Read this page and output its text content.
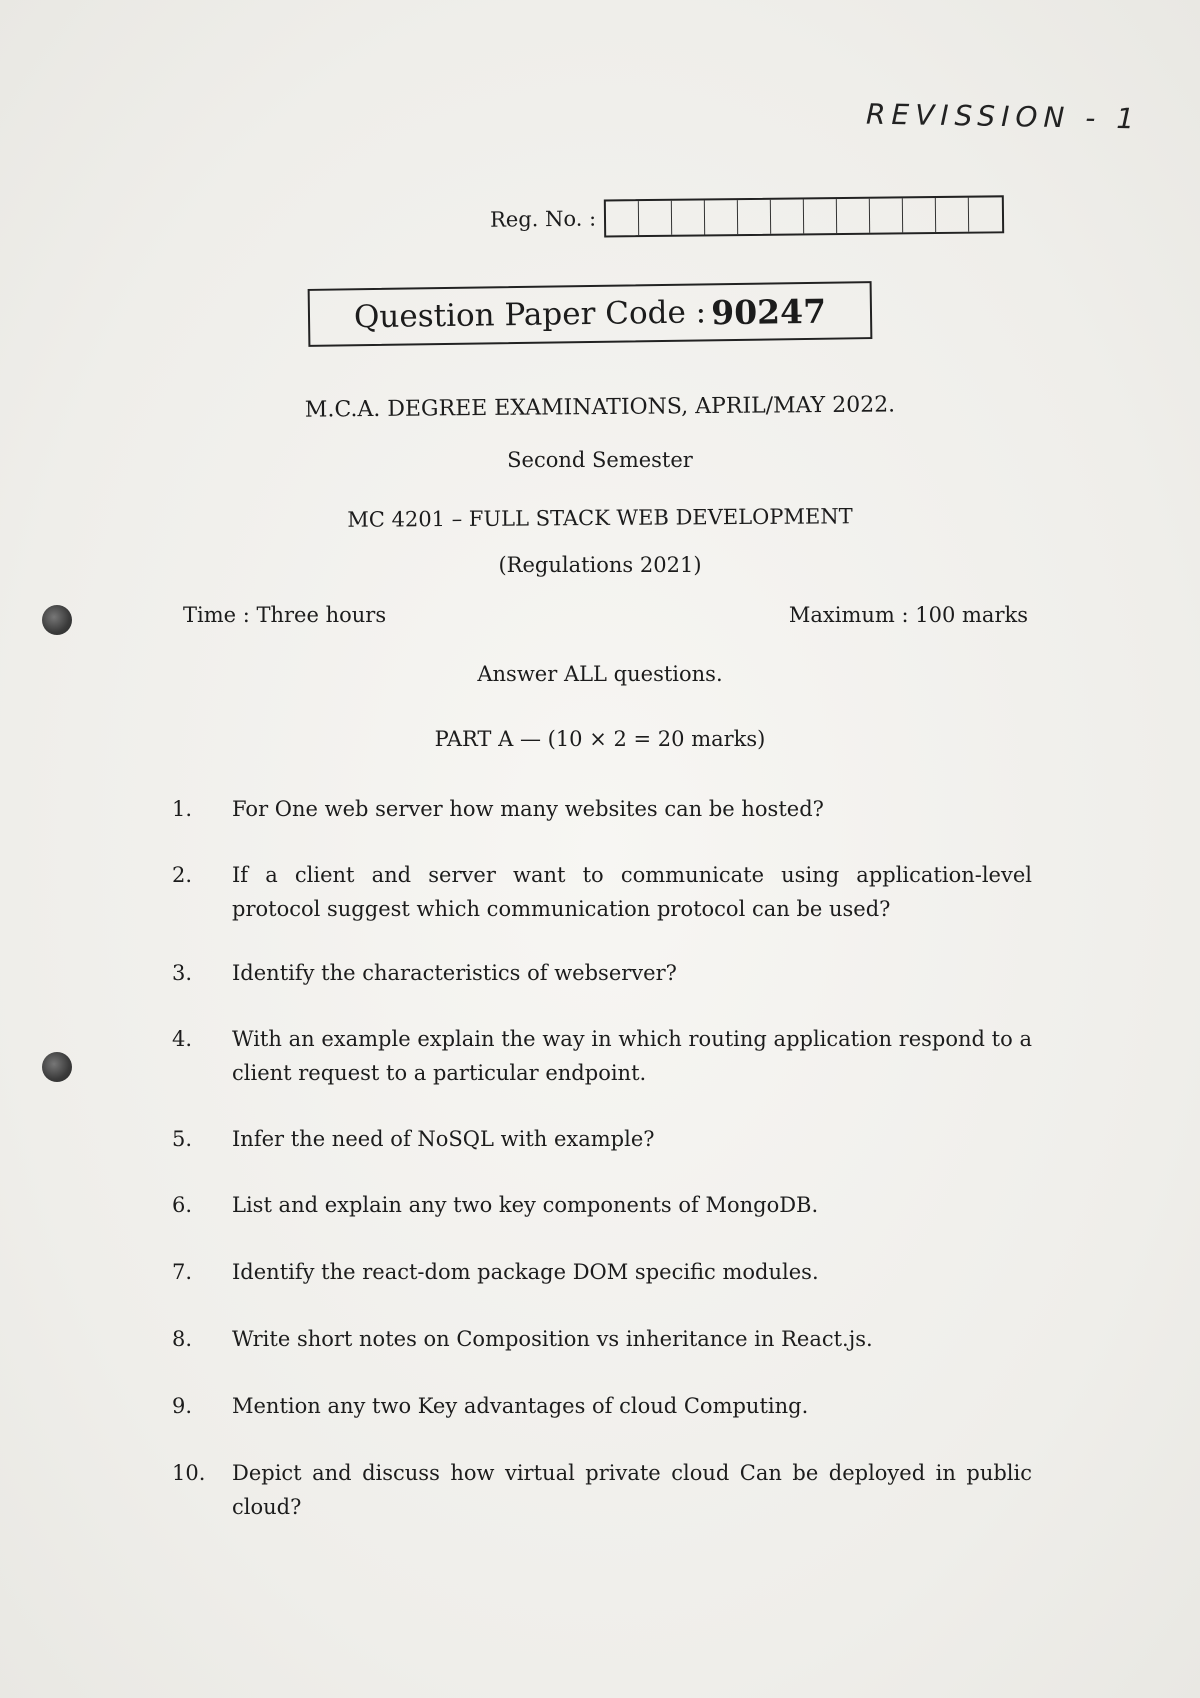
REVISSION - 1
Reg. No. :
Question Paper Code :
90247
M.C.A. DEGREE EXAMINATIONS, APRIL/MAY 2022.
Second Semester
MC 4201 – FULL STACK WEB DEVELOPMENT
(Regulations 2021)
Time : Three hours	Maximum : 100 marks
Answer ALL questions.
PART A — (10 × 2 = 20 marks)
1.	For One web server how many websites can be hosted?
2.	If a client and server want to communicate using application-level protocol suggest which communication protocol can be used?
3.	Identify the characteristics of webserver?
4.	With an example explain the way in which routing application respond to a client request to a particular endpoint.
5.	Infer the need of NoSQL with example?
6.	List and explain any two key components of MongoDB.
7.	Identify the react-dom package DOM specific modules.
8.	Write short notes on Composition vs inheritance in React.js.
9.	Mention any two Key advantages of cloud Computing.
10.	Depict and discuss how virtual private cloud Can be deployed in public cloud?
